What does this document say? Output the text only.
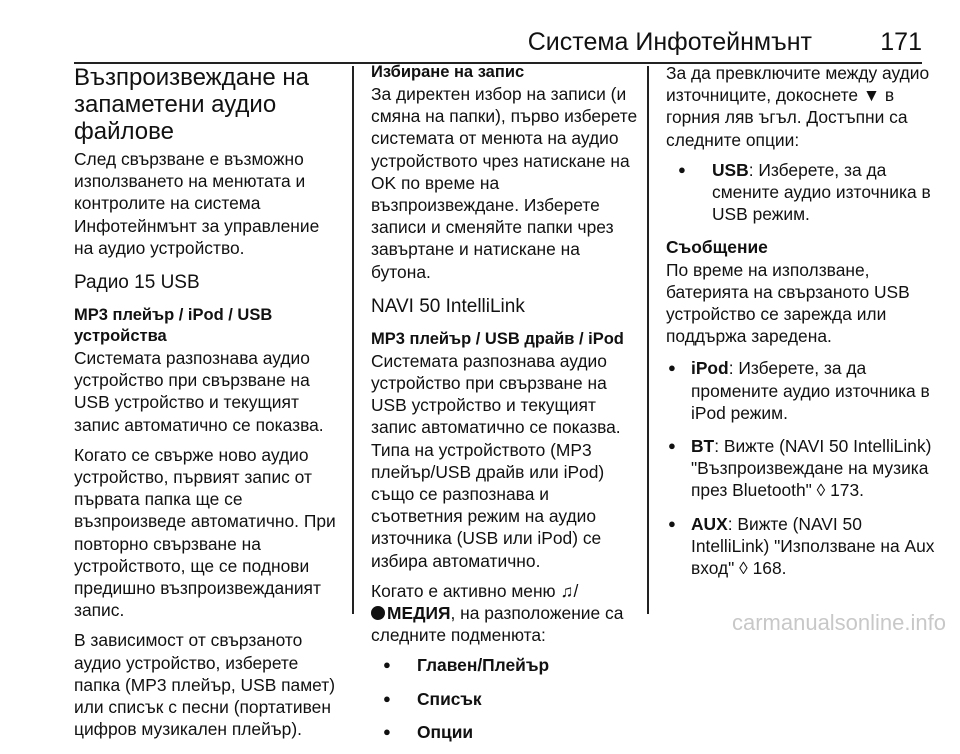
Система Инфотейнмънт	171
Възпроизвеждане на запаметени аудио файлове

След свързване е възможно използването на менютата и контролите на система Инфотейнмънт за управление на аудио устройство.

Радио 15 USB
MP3 плейър / iPod / USB устройства

Системата разпознава аудио устройство при свързване на USB устройство и текущият запис автоматично се показва.

Когато се свърже ново аудио устройство, първият запис от първата папка ще се възпроизведе автоматично. При повторно свързване на устройството, ще се поднови предишно възпроизвежданият запис.

В зависимост от свързаното аудио устройство, изберете папка (MP3 плейър, USB памет) или списък с песни (портативен цифров музикален плейър).

Избиране на запис

За директен избор на записи (и смяна на папки), първо изберете системата от менюта на аудио устройството чрез натискане на OK по време на възпроизвеждане. Изберете записи и сменяйте папки чрез завъртане и натискане на бутона.

NAVI 50 IntelliLink
MP3 плейър / USB драйв / iPod

Системата разпознава аудио устройство при свързване на USB устройство и текущият запис автоматично се показва. Типа на устройството (MP3 плейър/USB драйв или iPod) също се разпознава и съответния режим на аудио източника (USB или iPod) се избира автоматично.

Когато е активно меню ♫/
МЕДИЯ, на разположение са следните подменюта:

● Главен/Плейър
● Списък
● Опции

За да превключите между аудио източниците, докоснете ▼ в горния ляв ъгъл. Достъпни са следните опции:

● USB: Изберете, за да смените аудио източника в USB режим.
Съобщение
По време на използване, батерията на свързаното USB устройство се зарежда или поддържа заредена.
● iPod: Изберете, за да промените аудио източника в iPod режим.
● BT: Вижте (NAVI 50 IntelliLink) "Възпроизвеждане на музика през Bluetooth" ◊ 173.
● AUX: Вижте (NAVI 50 IntelliLink) "Използване на Aux вход" ◊ 168.
carmanualsonline.info
